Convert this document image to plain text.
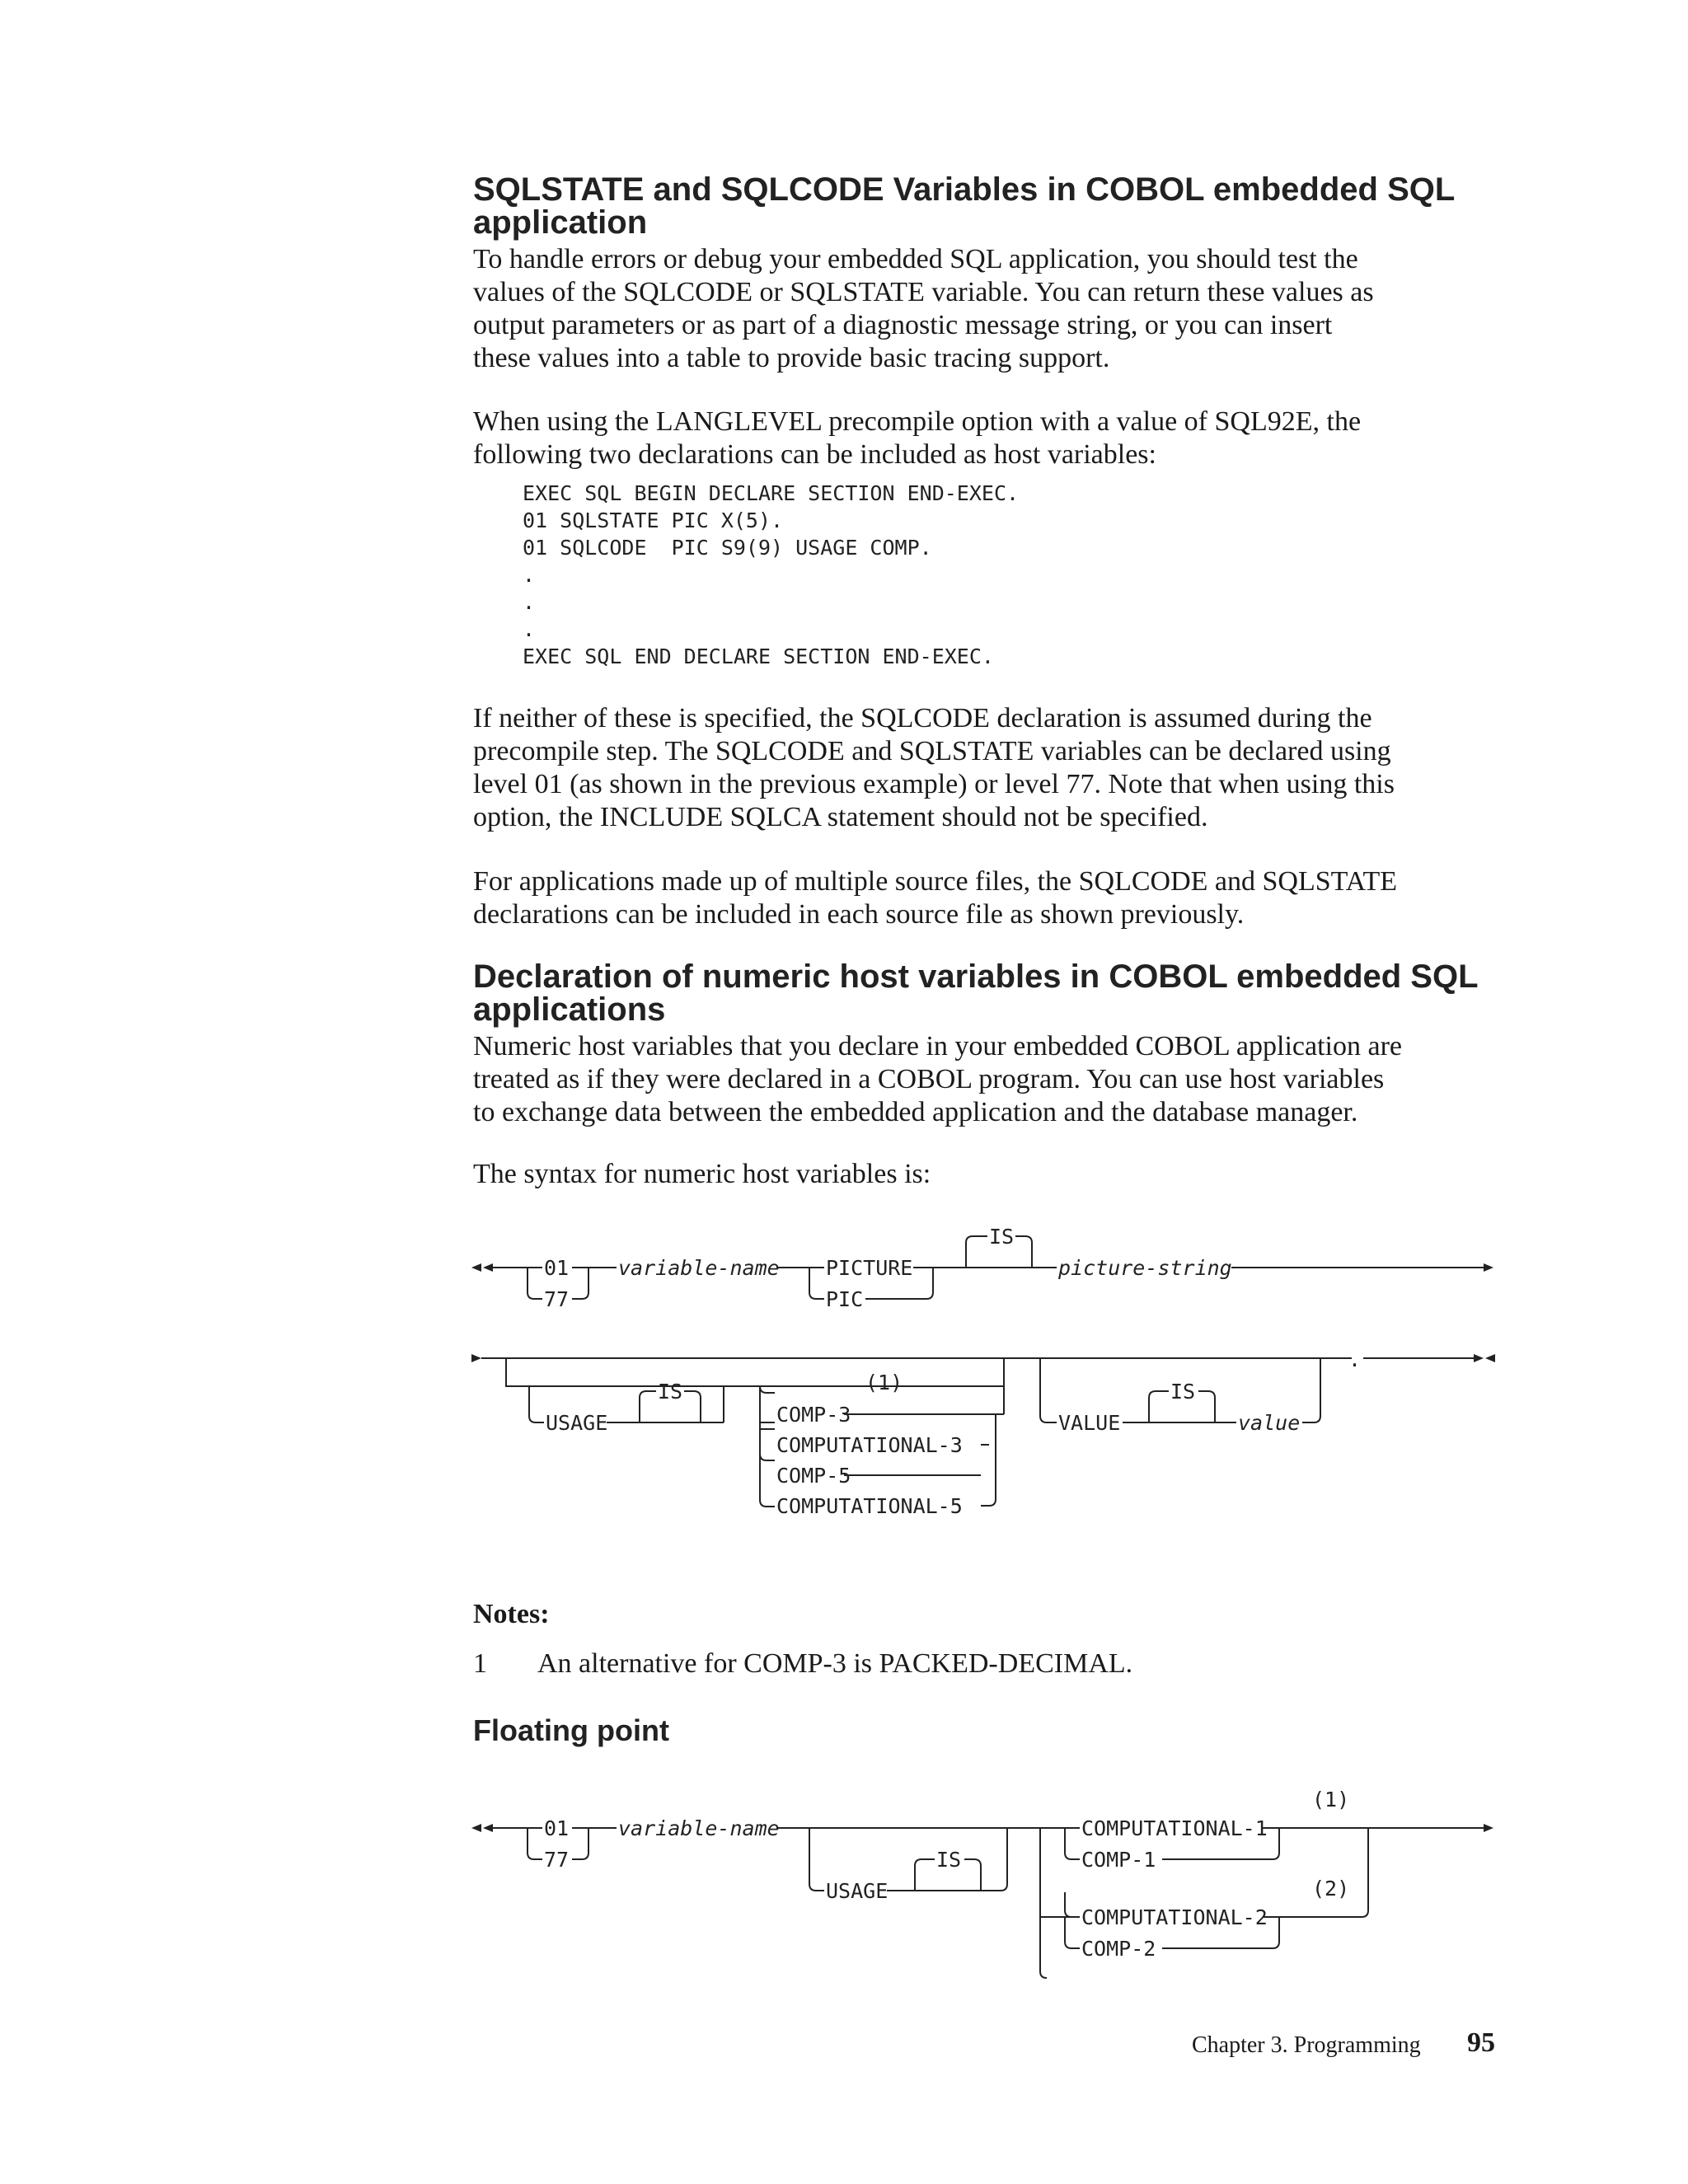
SQLSTATE and SQLCODE Variables in COBOL embedded SQL
application

To handle errors or debug your embedded SQL application, you should test the
values of the SQLCODE or SQLSTATE variable. You can return these values as
output parameters or as part of a diagnostic message string, or you can insert
these values into a table to provide basic tracing support.

When using the LANGLEVEL precompile option with a value of SQL92E, the
following two declarations can be included as host variables:

EXEC SQL BEGIN DECLARE SECTION END-EXEC.
01 SQLSTATE PIC X(5).
01 SQLCODE  PIC S9(9) USAGE COMP.
.
.
.
EXEC SQL END DECLARE SECTION END-EXEC.

If neither of these is specified, the SQLCODE declaration is assumed during the
precompile step. The SQLCODE and SQLSTATE variables can be declared using
level 01 (as shown in the previous example) or level 77. Note that when using this
option, the INCLUDE SQLCA statement should not be specified.

For applications made up of multiple source files, the SQLCODE and SQLSTATE
declarations can be included in each source file as shown previously.

Declaration of numeric host variables in COBOL embedded SQL
applications

Numeric host variables that you declare in your embedded COBOL application are
treated as if they were declared in a COBOL program. You can use host variables
to exchange data between the embedded application and the database manager.

The syntax for numeric host variables is:

01
77
variable-name PICTURE
PIC
IS
picture-string
USAGE
IS	(1)
COMP-3
COMPUTATIONAL-3
COMP-5
COMPUTATIONAL-5
VALUE
IS
value
.
Notes:
1 An alternative for COMP-3 is PACKED-DECIMAL.
Floating point
01
77
variable-name
USAGE
IS
(1)
COMPUTATIONAL-1
COMP-1
(2)
COMPUTATIONAL-2
COMP-2
Chapter 3. Programming 95
